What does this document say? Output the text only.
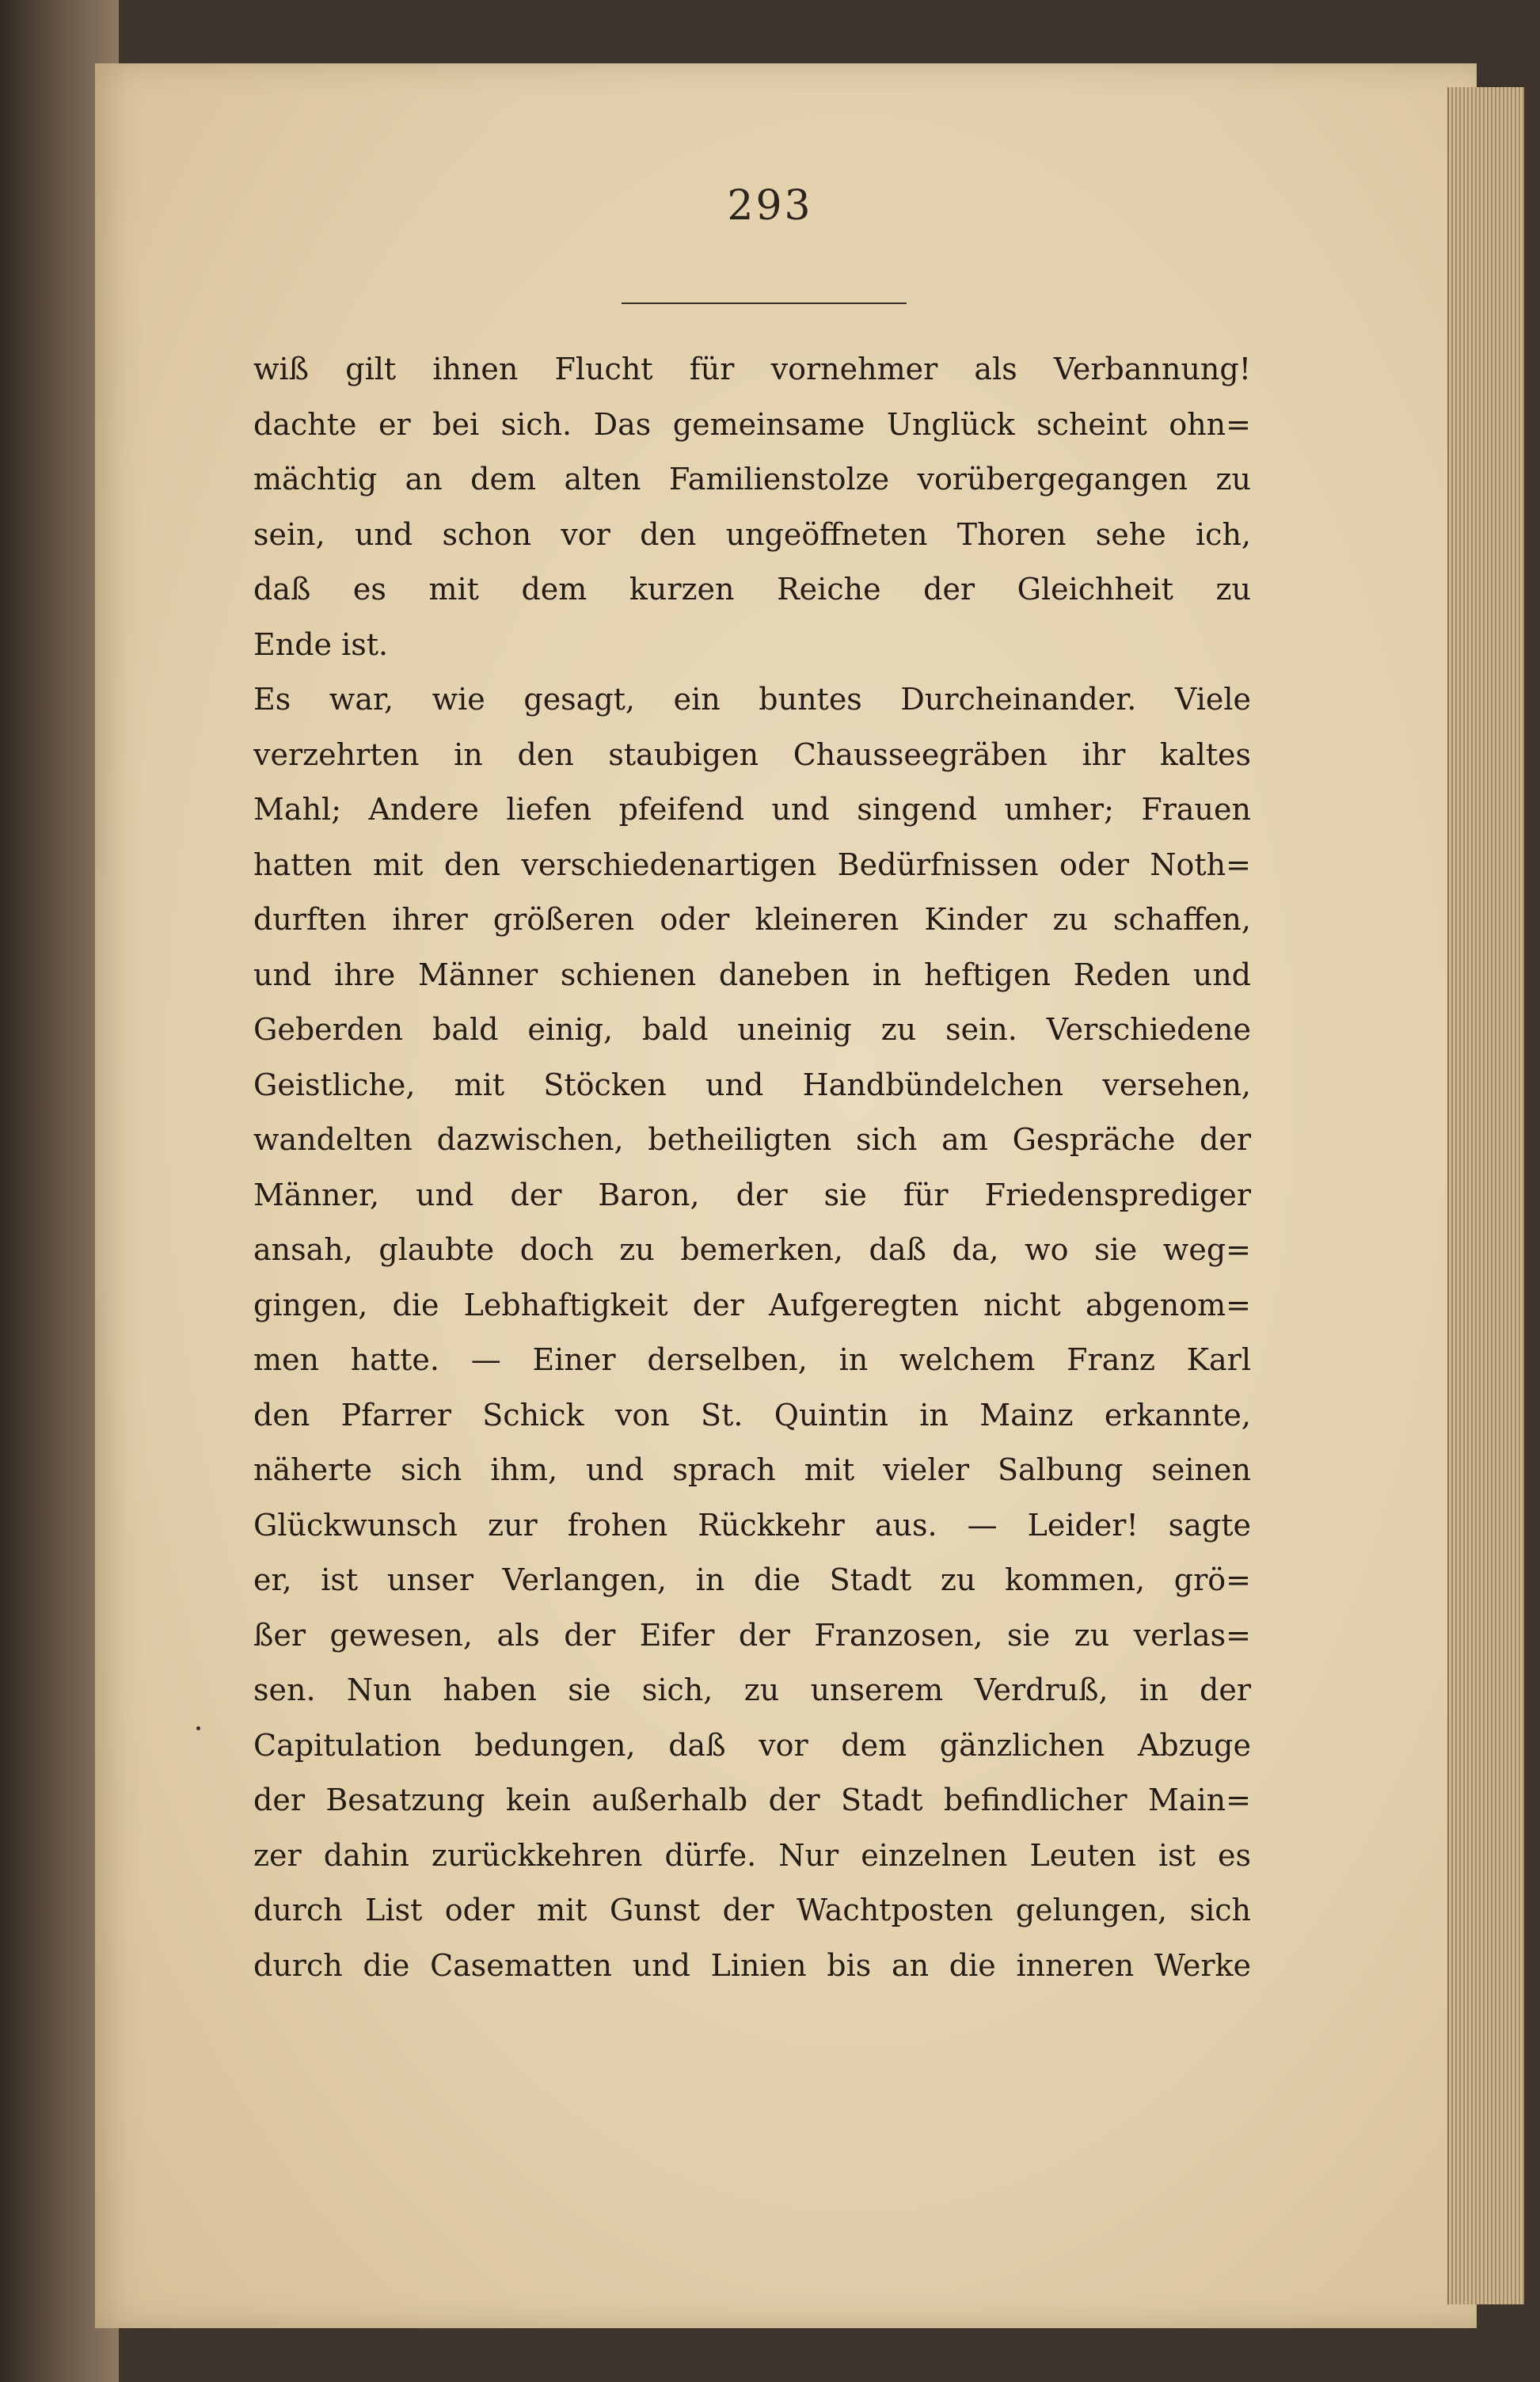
293
wiß gilt ihnen Flucht für vornehmer als Verbannung!
dachte er bei sich. Das gemeinsame Unglück scheint ohn=
mächtig an dem alten Familienstolze vorübergegangen zu
sein, und schon vor den ungeöffneten Thoren sehe ich,
daß es mit dem kurzen Reiche der Gleichheit zu
Ende ist.
Es war, wie gesagt, ein buntes Durcheinander. Viele
verzehrten in den staubigen Chausseegräben ihr kaltes
Mahl; Andere liefen pfeifend und singend umher; Frauen
hatten mit den verschiedenartigen Bedürfnissen oder Noth=
durften ihrer größeren oder kleineren Kinder zu schaffen,
und ihre Männer schienen daneben in heftigen Reden und
Geberden bald einig, bald uneinig zu sein. Verschiedene
Geistliche, mit Stöcken und Handbündelchen versehen,
wandelten dazwischen, betheiligten sich am Gespräche der
Männer, und der Baron, der sie für Friedensprediger
ansah, glaubte doch zu bemerken, daß da, wo sie weg=
gingen, die Lebhaftigkeit der Aufgeregten nicht abgenom=
men hatte. — Einer derselben, in welchem Franz Karl
den Pfarrer Schick von St. Quintin in Mainz erkannte,
näherte sich ihm, und sprach mit vieler Salbung seinen
Glückwunsch zur frohen Rückkehr aus. — Leider! sagte
er, ist unser Verlangen, in die Stadt zu kommen, grö=
ßer gewesen, als der Eifer der Franzosen, sie zu verlas=
sen. Nun haben sie sich, zu unserem Verdruß, in der
Capitulation bedungen, daß vor dem gänzlichen Abzuge
der Besatzung kein außerhalb der Stadt befindlicher Main=
zer dahin zurückkehren dürfe. Nur einzelnen Leuten ist es
durch List oder mit Gunst der Wachtposten gelungen, sich
durch die Casematten und Linien bis an die inneren Werke
